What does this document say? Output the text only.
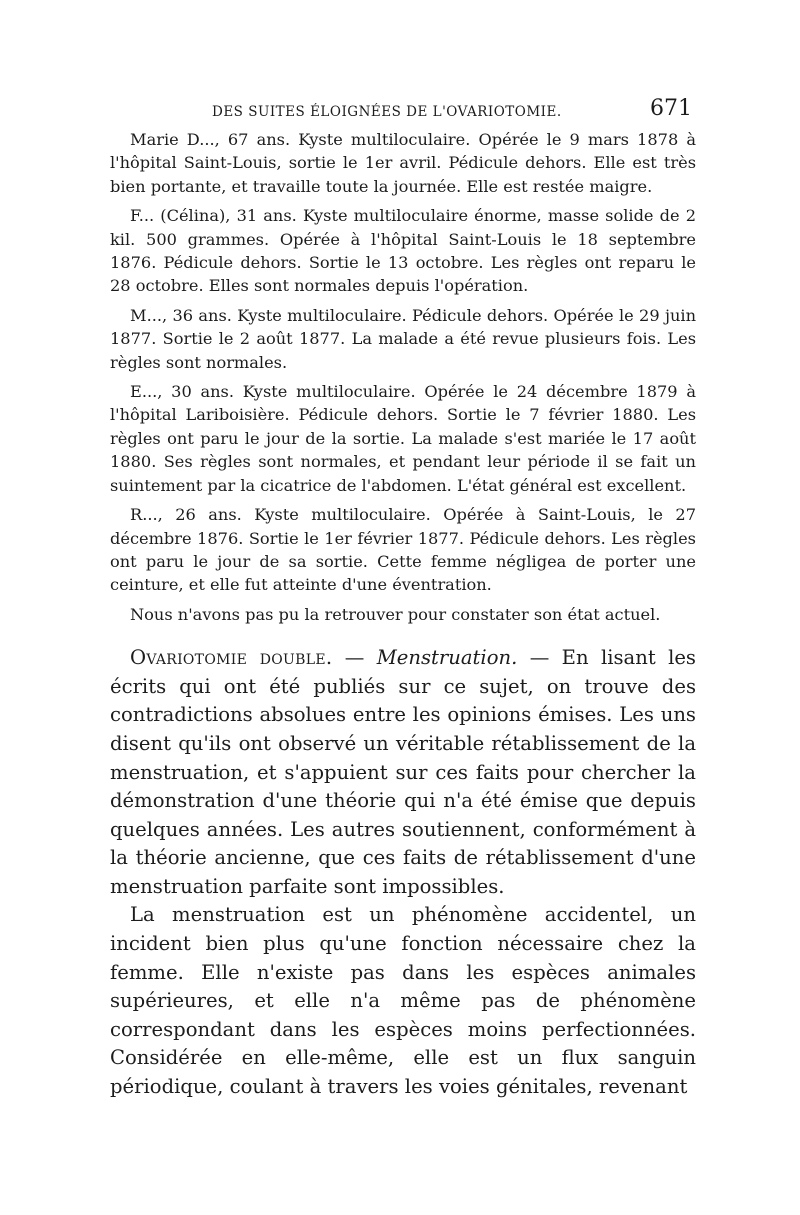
DES SUITES ÉLOIGNÉES DE L'OVARIOTOMIE.	671

Marie D..., 67 ans. Kyste multiloculaire. Opérée le 9 mars 1878 à l'hôpital Saint-Louis, sortie le 1er avril. Pédicule dehors. Elle est très bien portante, et travaille toute la journée. Elle est restée maigre.

F... (Célina), 31 ans. Kyste multiloculaire énorme, masse solide de 2 kil. 500 grammes. Opérée à l'hôpital Saint-Louis le 18 septembre 1876. Pédicule dehors. Sortie le 13 octobre. Les règles ont reparu le 28 octobre. Elles sont normales depuis l'opération.

M..., 36 ans. Kyste multiloculaire. Pédicule dehors. Opérée le 29 juin 1877. Sortie le 2 août 1877. La malade a été revue plusieurs fois. Les règles sont normales.

E..., 30 ans. Kyste multiloculaire. Opérée le 24 décembre 1879 à l'hôpital Lariboisière. Pédicule dehors. Sortie le 7 février 1880. Les règles ont paru le jour de la sortie. La malade s'est mariée le 17 août 1880. Ses règles sont normales, et pendant leur période il se fait un suintement par la cicatrice de l'abdomen. L'état général est excellent.

R..., 26 ans. Kyste multiloculaire. Opérée à Saint-Louis, le 27 décembre 1876. Sortie le 1er février 1877. Pédicule dehors. Les règles ont paru le jour de sa sortie. Cette femme négligea de porter une ceinture, et elle fut atteinte d'une éventration.

Nous n'avons pas pu la retrouver pour constater son état actuel.

Ovariotomie double. — Menstruation. — En lisant les écrits qui ont été publiés sur ce sujet, on trouve des contradictions absolues entre les opinions émises. Les uns disent qu'ils ont observé un véritable rétablissement de la menstruation, et s'appuient sur ces faits pour chercher la démonstration d'une théorie qui n'a été émise que depuis quelques années. Les autres soutiennent, conformément à la théorie ancienne, que ces faits de rétablissement d'une menstruation parfaite sont impossibles.

La menstruation est un phénomène accidentel, un incident bien plus qu'une fonction nécessaire chez la femme. Elle n'existe pas dans les espèces animales supérieures, et elle n'a même pas de phénomène correspondant dans les espèces moins perfectionnées. Considérée en elle-même, elle est un flux sanguin périodique, coulant à travers les voies génitales, revenant
